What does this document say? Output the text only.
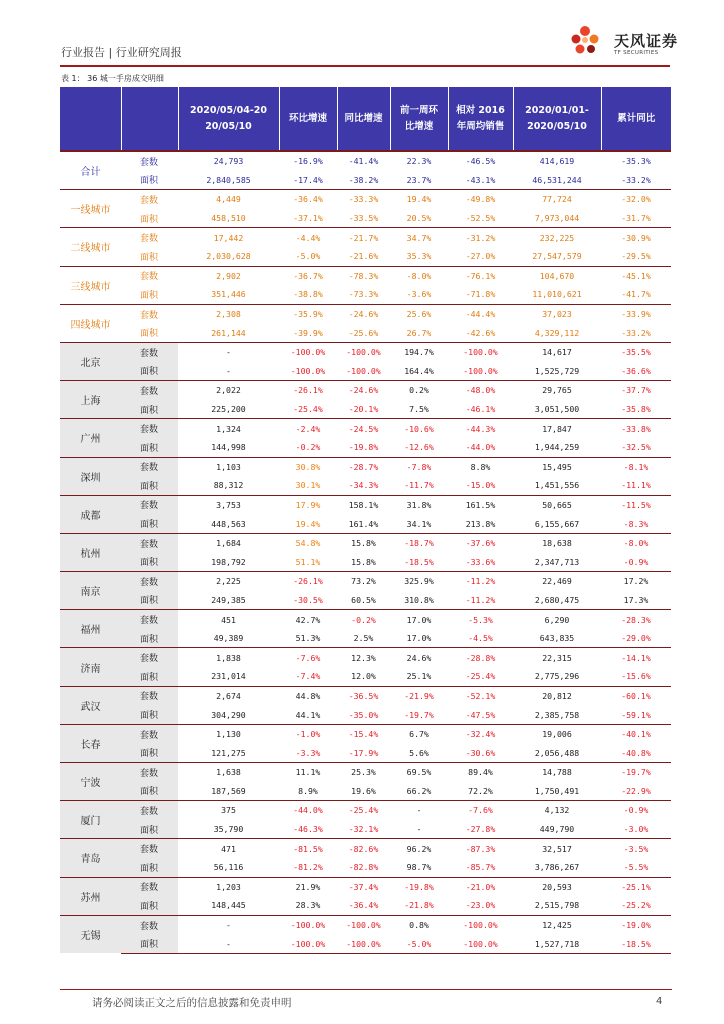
行业报告 | 行业研究周报
天风证券
TF SECURITIES
表 1： 36 城一手房成交明细
		2020/05/04-20 20/05/10	环比增速	同比增速	前一周环比增速	相对 2016 年周均销售	2020/01/01-2020/05/10	累计同比
合计	套数	24,793	-16.9%	-41.4%	22.3%	-46.5%	414,619	-35.3%
	面积	2,840,585	-17.4%	-38.2%	23.7%	-43.1%	46,531,244	-33.2%
一线城市	套数	4,449	-36.4%	-33.3%	19.4%	-49.8%	77,724	-32.0%
	面积	458,510	-37.1%	-33.5%	20.5%	-52.5%	7,973,044	-31.7%
二线城市	套数	17,442	-4.4%	-21.7%	34.7%	-31.2%	232,225	-30.9%
	面积	2,030,628	-5.0%	-21.6%	35.3%	-27.0%	27,547,579	-29.5%
三线城市	套数	2,902	-36.7%	-78.3%	-8.0%	-76.1%	104,670	-45.1%
	面积	351,446	-38.8%	-73.3%	-3.6%	-71.8%	11,010,621	-41.7%
四线城市	套数	2,308	-35.9%	-24.6%	25.6%	-44.4%	37,023	-33.9%
	面积	261,144	-39.9%	-25.6%	26.7%	-42.6%	4,329,112	-33.2%
北京	套数	-	-100.0%	-100.0%	194.7%	-100.0%	14,617	-35.5%
	面积	-	-100.0%	-100.0%	164.4%	-100.0%	1,525,729	-36.6%
上海	套数	2,022	-26.1%	-24.6%	0.2%	-48.0%	29,765	-37.7%
	面积	225,200	-25.4%	-20.1%	7.5%	-46.1%	3,051,500	-35.8%
广州	套数	1,324	-2.4%	-24.5%	-10.6%	-44.3%	17,847	-33.8%
	面积	144,998	-0.2%	-19.8%	-12.6%	-44.0%	1,944,259	-32.5%
深圳	套数	1,103	30.8%	-28.7%	-7.8%	8.8%	15,495	-8.1%
	面积	88,312	30.1%	-34.3%	-11.7%	-15.0%	1,451,556	-11.1%
成都	套数	3,753	17.9%	158.1%	31.8%	161.5%	50,665	-11.5%
	面积	448,563	19.4%	161.4%	34.1%	213.8%	6,155,667	-8.3%
杭州	套数	1,684	54.8%	15.8%	-18.7%	-37.6%	18,638	-8.0%
	面积	198,792	51.1%	15.8%	-18.5%	-33.6%	2,347,713	-0.9%
南京	套数	2,225	-26.1%	73.2%	325.9%	-11.2%	22,469	17.2%
	面积	249,385	-30.5%	60.5%	310.8%	-11.2%	2,680,475	17.3%
福州	套数	451	42.7%	-0.2%	17.0%	-5.3%	6,290	-28.3%
	面积	49,389	51.3%	2.5%	17.0%	-4.5%	643,835	-29.0%
济南	套数	1,838	-7.6%	12.3%	24.6%	-28.8%	22,315	-14.1%
	面积	231,014	-7.4%	12.0%	25.1%	-25.4%	2,775,296	-15.6%
武汉	套数	2,674	44.8%	-36.5%	-21.9%	-52.1%	20,812	-60.1%
	面积	304,290	44.1%	-35.0%	-19.7%	-47.5%	2,385,758	-59.1%
长春	套数	1,130	-1.0%	-15.4%	6.7%	-32.4%	19,006	-40.1%
	面积	121,275	-3.3%	-17.9%	5.6%	-30.6%	2,056,488	-40.8%
宁波	套数	1,638	11.1%	25.3%	69.5%	89.4%	14,788	-19.7%
	面积	187,569	8.9%	19.6%	66.2%	72.2%	1,750,491	-22.9%
厦门	套数	375	-44.0%	-25.4%	-	-7.6%	4,132	-0.9%
	面积	35,790	-46.3%	-32.1%	-	-27.8%	449,790	-3.0%
青岛	套数	471	-81.5%	-82.6%	96.2%	-87.3%	32,517	-3.5%
	面积	56,116	-81.2%	-82.8%	98.7%	-85.7%	3,786,267	-5.5%
苏州	套数	1,203	21.9%	-37.4%	-19.8%	-21.0%	20,593	-25.1%
	面积	148,445	28.3%	-36.4%	-21.8%	-23.0%	2,515,798	-25.2%
无锡	套数	-	-100.0%	-100.0%	0.8%	-100.0%	12,425	-19.0%
	面积	-	-100.0%	-100.0%	-5.0%	-100.0%	1,527,718	-18.5%
请务必阅读正文之后的信息披露和免责申明	4
